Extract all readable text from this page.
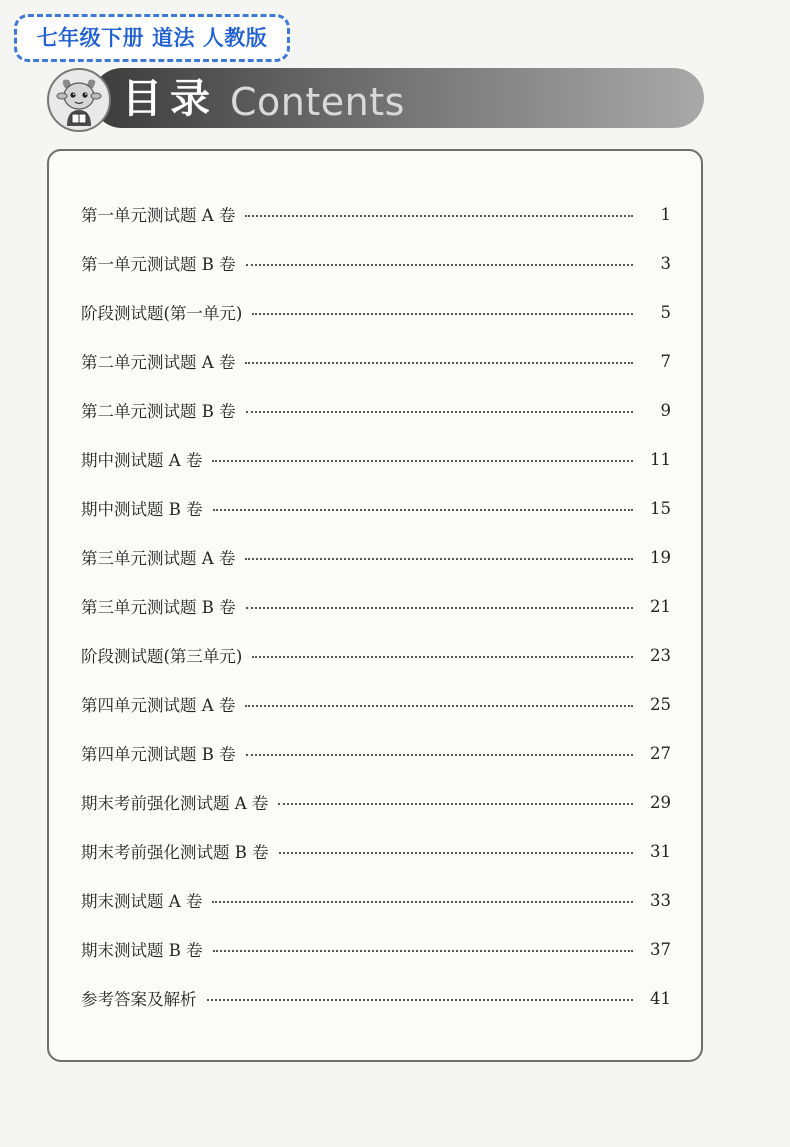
七年级下册 道法 人教版
目录 Contents
第一单元测试题 A 卷	1
第一单元测试题 B 卷	3
阶段测试题(第一单元)	5
第二单元测试题 A 卷	7
第二单元测试题 B 卷	9
期中测试题 A 卷	11
期中测试题 B 卷	15
第三单元测试题 A 卷	19
第三单元测试题 B 卷	21
阶段测试题(第三单元)	23
第四单元测试题 A 卷	25
第四单元测试题 B 卷	27
期末考前强化测试题 A 卷	29
期末考前强化测试题 B 卷	31
期末测试题 A 卷	33
期末测试题 B 卷	37
参考答案及解析	41
